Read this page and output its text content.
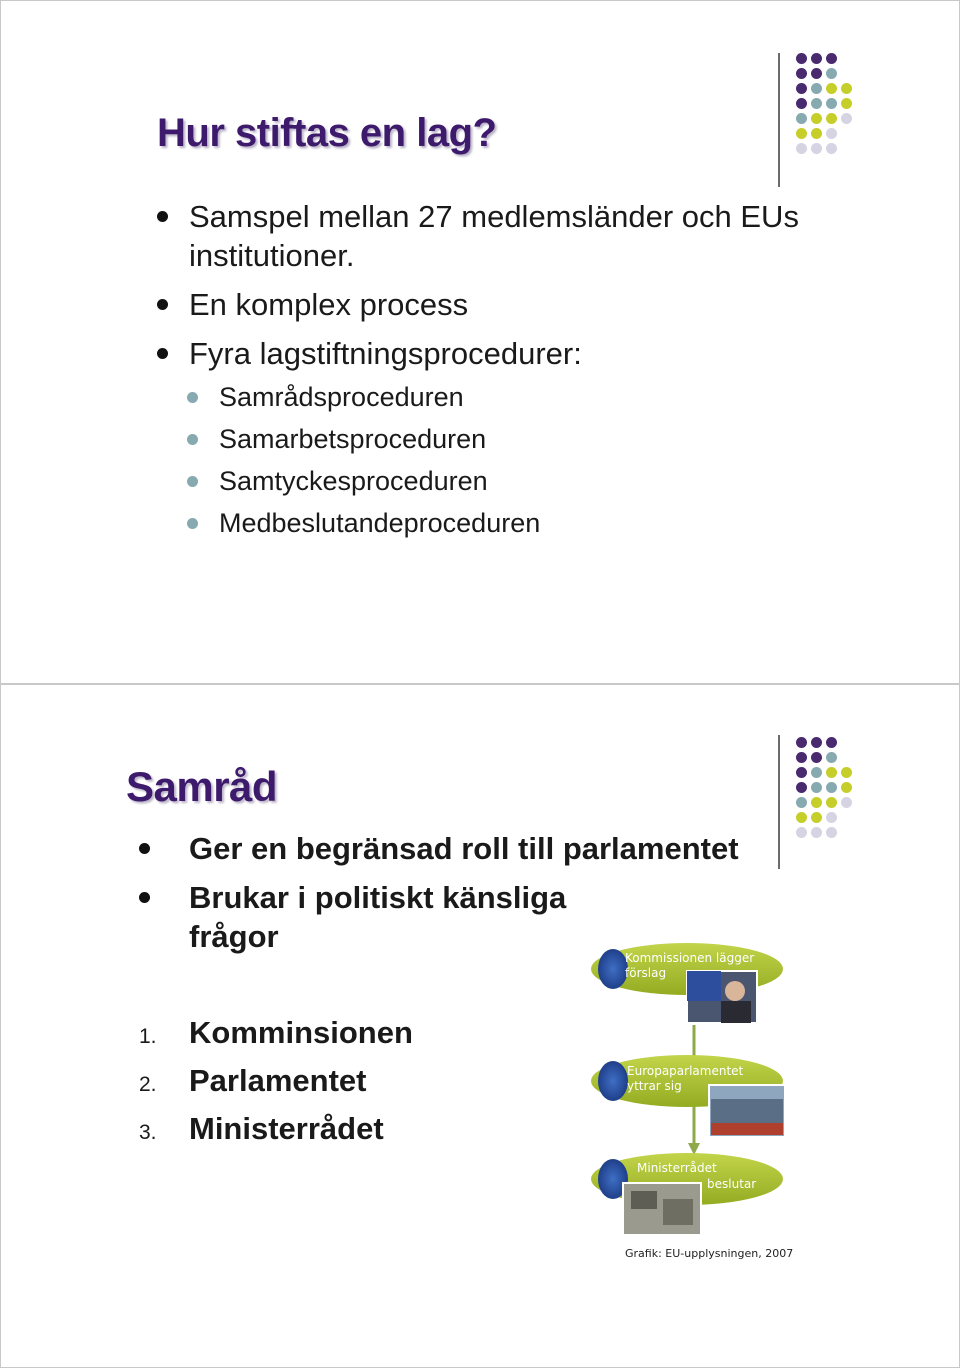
Hur stiftas en lag?
Samspel mellan 27 medlemsländer och EUs institutioner.
En komplex process
Fyra lagstiftningsprocedurer:
Samrådsproceduren
Samarbetsproceduren
Samtyckesproceduren
Medbeslutandeproceduren
Samråd
Ger en begränsad roll till parlamentet
Brukar i politiskt känsliga frågor
1. Komminsionen
2. Parlamentet
3. Ministerrådet
Kommissionen lägger
förslag
Europaparlamentet
yttrar sig
Ministerrådet
beslutar
Grafik: EU-upplysningen, 2007
